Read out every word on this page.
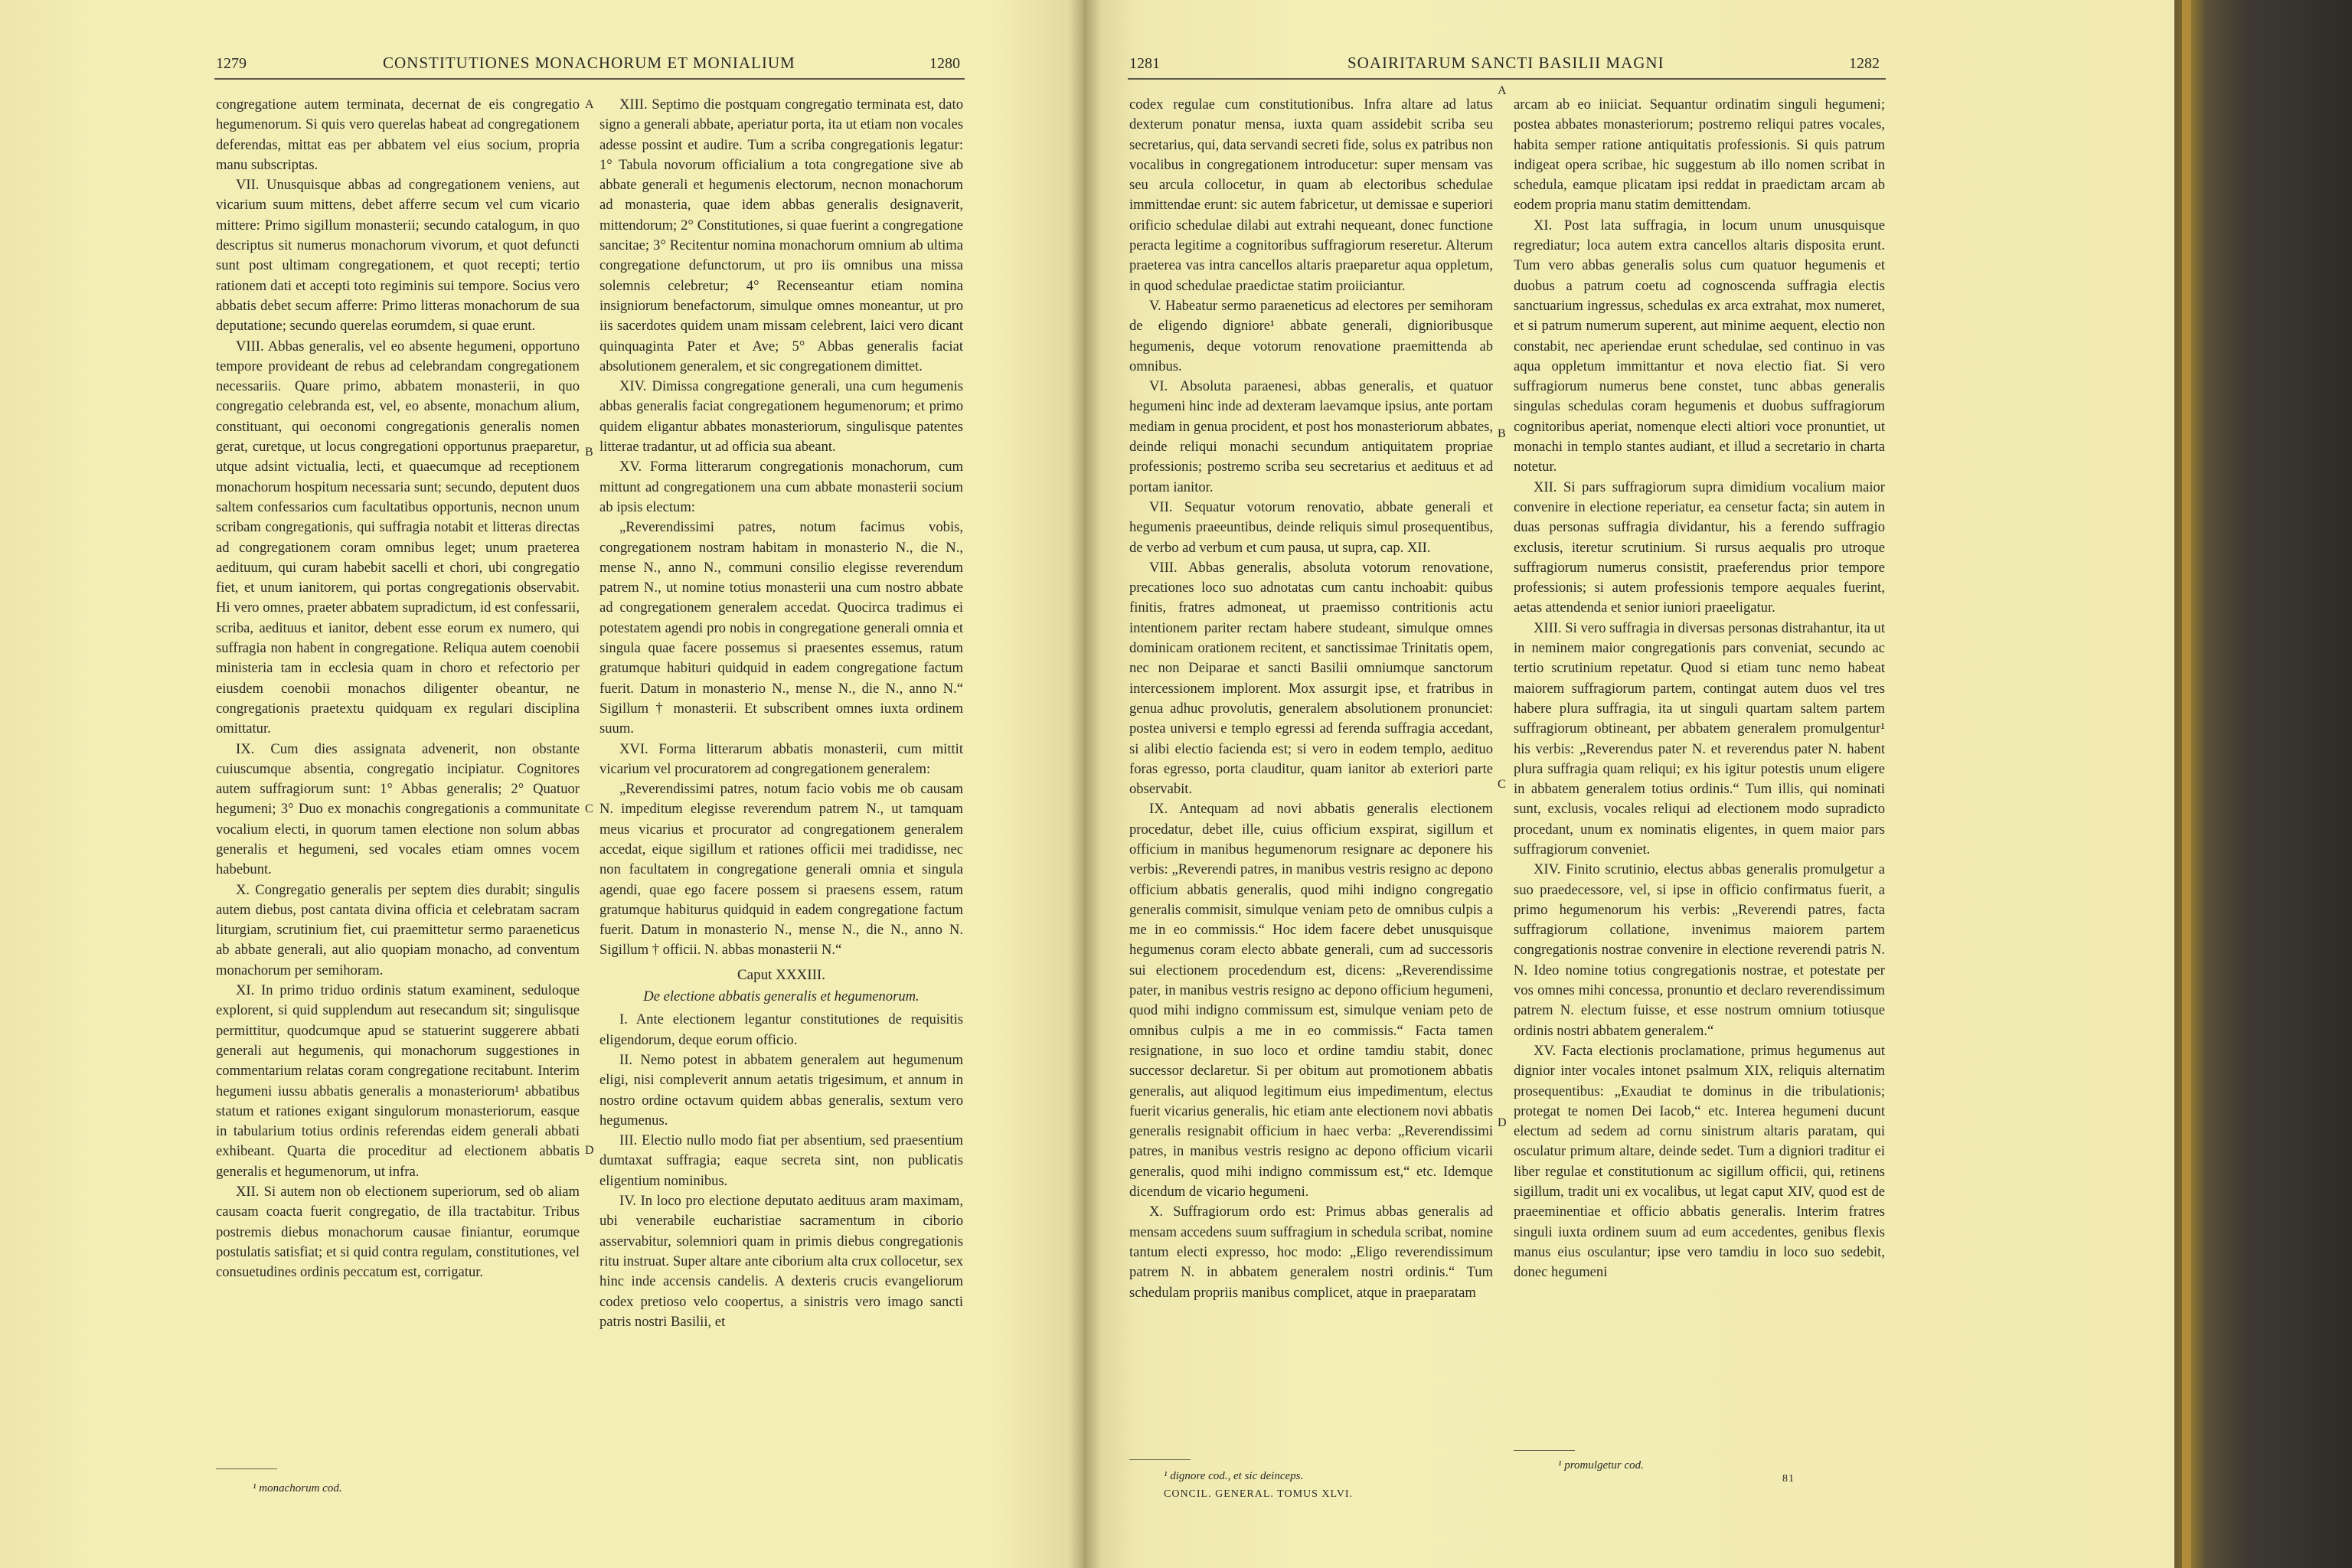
1279	CONSTITUTIONES MONACHORUM ET MONIALIUM	1280

congregatione autem terminata, decernat de eis congregatio hegumenorum. Si quis vero querelas habeat ad congregationem deferendas, mittat eas per abbatem vel eius socium, propria manu subscriptas.

VII. Unusquisque abbas ad congregationem veniens, aut vicarium suum mittens, debet afferre secum vel cum vicario mittere: Primo sigillum monasterii; secundo catalogum, in quo descriptus sit numerus monachorum vivorum, et quot defuncti sunt post ultimam congregationem, et quot recepti; tertio rationem dati et accepti toto regiminis sui tempore. Socius vero abbatis debet secum afferre: Primo litteras monachorum de sua deputatione; secundo querelas eorumdem, si quae erunt.

VIII. Abbas generalis, vel eo absente hegumeni, opportuno tempore provideant de rebus ad celebrandam congregationem necessariis. Quare primo, abbatem monasterii, in quo congregatio celebranda est, vel, eo absente, monachum alium, constituant, qui oeconomi congregationis generalis nomen gerat, curetque, ut locus congregationi opportunus praeparetur, utque adsint victualia, lecti, et quaecumque ad receptionem monachorum hospitum necessaria sunt; secundo, deputent duos saltem confessarios cum facultatibus opportunis, necnon unum scribam congregationis, qui suffragia notabit et litteras directas ad congregationem coram omnibus leget; unum praeterea aedituum, qui curam habebit sacelli et chori, ubi congregatio fiet, et unum ianitorem, qui portas congregationis observabit. Hi vero omnes, praeter abbatem supradictum, id est confessarii, scriba, aedituus et ianitor, debent esse eorum ex numero, qui suffragia non habent in congregatione. Reliqua autem coenobii ministeria tam in ecclesia quam in choro et refectorio per eiusdem coenobii monachos diligenter obeantur, ne congregationis praetextu quidquam ex regulari disciplina omittatur.

IX. Cum dies assignata advenerit, non obstante cuiuscumque absentia, congregatio incipiatur. Cognitores autem suffragiorum sunt: 1° Abbas generalis; 2° Quatuor hegumeni; 3° Duo ex monachis congregationis a communitate vocalium electi, in quorum tamen electione non solum abbas generalis et hegumeni, sed vocales etiam omnes vocem habebunt.

X. Congregatio generalis per septem dies durabit; singulis autem diebus, post cantata divina officia et celebratam sacram liturgiam, scrutinium fiet, cui praemittetur sermo paraeneticus ab abbate generali, aut alio quopiam monacho, ad conventum monachorum per semihoram.

XI. In primo triduo ordinis statum examinent, seduloque explorent, si quid supplendum aut resecandum sit; singulisque permittitur, quodcumque apud se statuerint suggerere abbati generali aut hegumenis, qui monachorum suggestiones in commentarium relatas coram congregatione recitabunt. Interim hegumeni iussu abbatis generalis a monasteriorum¹ abbatibus statum et rationes exigant singulorum monasteriorum, easque in tabularium totius ordinis referendas eidem generali abbati exhibeant. Quarta die proceditur ad electionem abbatis generalis et hegumenorum, ut infra.

XII. Si autem non ob electionem superiorum, sed ob aliam causam coacta fuerit congregatio, de illa tractabitur. Tribus postremis diebus monachorum causae finiantur, eorumque postulatis satisfiat; et si quid contra regulam, constitutiones, vel consuetudines ordinis peccatum est, corrigatur.

A
B
C
D

XIII. Septimo die postquam congregatio terminata est, dato signo a generali abbate, aperiatur porta, ita ut etiam non vocales adesse possint et audire. Tum a scriba congregationis legatur: 1° Tabula novorum officialium a tota congregatione sive ab abbate generali et hegumenis electorum, necnon monachorum ad monasteria, quae idem abbas generalis designaverit, mittendorum; 2° Constitutiones, si quae fuerint a congregatione sancitae; 3° Recitentur nomina monachorum omnium ab ultima congregatione defunctorum, ut pro iis omnibus una missa solemnis celebretur; 4° Recenseantur etiam nomina insigniorum benefactorum, simulque omnes moneantur, ut pro iis sacerdotes quidem unam missam celebrent, laici vero dicant quinquaginta Pater et Ave; 5° Abbas generalis faciat absolutionem generalem, et sic congregationem dimittet.

XIV. Dimissa congregatione generali, una cum hegumenis abbas generalis faciat congregationem hegumenorum; et primo quidem eligantur abbates monasteriorum, singulisque patentes litterae tradantur, ut ad officia sua abeant.

XV. Forma litterarum congregationis monachorum, cum mittunt ad congregationem una cum abbate monasterii socium ab ipsis electum:

„Reverendissimi patres, notum facimus vobis, congregationem nostram habitam in monasterio N., die N., mense N., anno N., communi consilio elegisse reverendum patrem N., ut nomine totius monasterii una cum nostro abbate ad congregationem generalem accedat. Quocirca tradimus ei potestatem agendi pro nobis in congregatione generali omnia et singula quae facere possemus si praesentes essemus, ratum gratumque habituri quidquid in eadem congregatione factum fuerit. Datum in monasterio N., mense N., die N., anno N.“ Sigillum † monasterii. Et subscribent omnes iuxta ordinem suum.

XVI. Forma litterarum abbatis monasterii, cum mittit vicarium vel procuratorem ad congregationem generalem:

„Reverendissimi patres, notum facio vobis me ob causam N. impeditum elegisse reverendum patrem N., ut tamquam meus vicarius et procurator ad congregationem generalem accedat, eique sigillum et rationes officii mei tradidisse, nec non facultatem in congregatione generali omnia et singula agendi, quae ego facere possem si praesens essem, ratum gratumque habiturus quidquid in eadem congregatione factum fuerit. Datum in monasterio N., mense N., die N., anno N. Sigillum † officii. N. abbas monasterii N.“

Caput XXXIII.

De electione abbatis generalis et hegumenorum.

I. Ante electionem legantur constitutiones de requisitis eligendorum, deque eorum officio.

II. Nemo potest in abbatem generalem aut hegumenum eligi, nisi compleverit annum aetatis trigesimum, et annum in nostro ordine octavum quidem abbas generalis, sextum vero hegumenus.

III. Electio nullo modo fiat per absentium, sed praesentium dumtaxat suffragia; eaque secreta sint, non publicatis eligentium nominibus.

IV. In loco pro electione deputato aedituus aram maximam, ubi venerabile eucharistiae sacramentum in ciborio asservabitur, solemniori quam in primis diebus congregationis ritu instruat. Super altare ante ciborium alta crux collocetur, sex hinc inde accensis candelis. A dexteris crucis evangeliorum codex pretioso velo coopertus, a sinistris vero imago sancti patris nostri Basilii, et

¹ monachorum cod.
1281	SOAIRITARUM SANCTI BASILII MAGNI	1282

codex regulae cum constitutionibus. Infra altare ad latus dexterum ponatur mensa, iuxta quam assidebit scriba seu secretarius, qui, data servandi secreti fide, solus ex patribus non vocalibus in congregationem introducetur: super mensam vas seu arcula collocetur, in quam ab electoribus schedulae immittendae erunt: sic autem fabricetur, ut demissae e superiori orificio schedulae dilabi aut extrahi nequeant, donec functione peracta legitime a cognitoribus suffragiorum reseretur. Alterum praeterea vas intra cancellos altaris praeparetur aqua oppletum, in quod schedulae praedictae statim proiiciantur.

V. Habeatur sermo paraeneticus ad electores per semihoram de eligendo digniore¹ abbate generali, dignioribusque hegumenis, deque votorum renovatione praemittenda ab omnibus.

VI. Absoluta paraenesi, abbas generalis, et quatuor hegumeni hinc inde ad dexteram laevamque ipsius, ante portam mediam in genua procident, et post hos monasteriorum abbates, deinde reliqui monachi secundum antiquitatem propriae professionis; postremo scriba seu secretarius et aedituus et ad portam ianitor.

VII. Sequatur votorum renovatio, abbate generali et hegumenis praeeuntibus, deinde reliquis simul prosequentibus, de verbo ad verbum et cum pausa, ut supra, cap. XII.

VIII. Abbas generalis, absoluta votorum renovatione, precationes loco suo adnotatas cum cantu inchoabit: quibus finitis, fratres admoneat, ut praemisso contritionis actu intentionem pariter rectam habere studeant, simulque omnes dominicam orationem recitent, et sanctissimae Trinitatis opem, nec non Deiparae et sancti Basilii omniumque sanctorum intercessionem implorent. Mox assurgit ipse, et fratribus in genua adhuc provolutis, generalem absolutionem pronunciet: postea universi e templo egressi ad ferenda suffragia accedant, si alibi electio facienda est; si vero in eodem templo, aedituo foras egresso, porta clauditur, quam ianitor ab exteriori parte observabit.

IX. Antequam ad novi abbatis generalis electionem procedatur, debet ille, cuius officium exspirat, sigillum et officium in manibus hegumenorum resignare ac deponere his verbis: „Reverendi patres, in manibus vestris resigno ac depono officium abbatis generalis, quod mihi indigno congregatio generalis commisit, simulque veniam peto de omnibus culpis a me in eo commissis.“ Hoc idem facere debet unusquisque hegumenus coram electo abbate generali, cum ad successoris sui electionem procedendum est, dicens: „Reverendissime pater, in manibus vestris resigno ac depono officium hegumeni, quod mihi indigno commissum est, simulque veniam peto de omnibus culpis a me in eo commissis.“ Facta tamen resignatione, in suo loco et ordine tamdiu stabit, donec successor declaretur. Si per obitum aut promotionem abbatis generalis, aut aliquod legitimum eius impedimentum, electus fuerit vicarius generalis, hic etiam ante electionem novi abbatis generalis resignabit officium in haec verba: „Reverendissimi patres, in manibus vestris resigno ac depono officium vicarii generalis, quod mihi indigno commissum est,“ etc. Idemque dicendum de vicario hegumeni.

X. Suffragiorum ordo est: Primus abbas generalis ad mensam accedens suum suffragium in schedula scribat, nomine tantum electi expresso, hoc modo: „Eligo reverendissimum patrem N. in abbatem generalem nostri ordinis.“ Tum schedulam propriis manibus complicet, atque in praeparatam

A
B
C
D

arcam ab eo iniiciat. Sequantur ordinatim singuli hegumeni; postea abbates monasteriorum; postremo reliqui patres vocales, habita semper ratione antiquitatis professionis. Si quis patrum indigeat opera scribae, hic suggestum ab illo nomen scribat in schedula, eamque plicatam ipsi reddat in praedictam arcam ab eodem propria manu statim demittendam.

XI. Post lata suffragia, in locum unum unusquisque regrediatur; loca autem extra cancellos altaris disposita erunt. Tum vero abbas generalis solus cum quatuor hegumenis et duobus a patrum coetu ad cognoscenda suffragia electis sanctuarium ingressus, schedulas ex arca extrahat, mox numeret, et si patrum numerum superent, aut minime aequent, electio non constabit, nec aperiendae erunt schedulae, sed continuo in vas aqua oppletum immittantur et nova electio fiat. Si vero suffragiorum numerus bene constet, tunc abbas generalis singulas schedulas coram hegumenis et duobus suffragiorum cognitoribus aperiat, nomenque electi altiori voce pronuntiet, ut monachi in templo stantes audiant, et illud a secretario in charta notetur.

XII. Si pars suffragiorum supra dimidium vocalium maior convenire in electione reperiatur, ea censetur facta; sin autem in duas personas suffragia dividantur, his a ferendo suffragio exclusis, iteretur scrutinium. Si rursus aequalis pro utroque suffragiorum numerus consistit, praeferendus prior tempore professionis; si autem professionis tempore aequales fuerint, aetas attendenda et senior iuniori praeeligatur.

XIII. Si vero suffragia in diversas personas distrahantur, ita ut in neminem maior congregationis pars conveniat, secundo ac tertio scrutinium repetatur. Quod si etiam tunc nemo habeat maiorem suffragiorum partem, contingat autem duos vel tres habere plura suffragia, ita ut singuli quartam saltem partem suffragiorum obtineant, per abbatem generalem promulgentur¹ his verbis: „Reverendus pater N. et reverendus pater N. habent plura suffragia quam reliqui; ex his igitur potestis unum eligere in abbatem generalem totius ordinis.“ Tum illis, qui nominati sunt, exclusis, vocales reliqui ad electionem modo supradicto procedant, unum ex nominatis eligentes, in quem maior pars suffragiorum conveniet.

XIV. Finito scrutinio, electus abbas generalis promulgetur a suo praedecessore, vel, si ipse in officio confirmatus fuerit, a primo hegumenorum his verbis: „Reverendi patres, facta suffragiorum collatione, invenimus maiorem partem congregationis nostrae convenire in electione reverendi patris N. N. Ideo nomine totius congregationis nostrae, et potestate per vos omnes mihi concessa, pronuntio et declaro reverendissimum patrem N. electum fuisse, et esse nostrum omnium totiusque ordinis nostri abbatem generalem.“

XV. Facta electionis proclamatione, primus hegumenus aut dignior inter vocales intonet psalmum XIX, reliquis alternatim prosequentibus: „Exaudiat te dominus in die tribulationis; protegat te nomen Dei Iacob,“ etc. Interea hegumeni ducunt electum ad sedem ad cornu sinistrum altaris paratam, qui osculatur primum altare, deinde sedet. Tum a digniori traditur ei liber regulae et constitutionum ac sigillum officii, qui, retinens sigillum, tradit uni ex vocalibus, ut legat caput XIV, quod est de praeeminentiae et officio abbatis generalis. Interim fratres singuli iuxta ordinem suum ad eum accedentes, genibus flexis manus eius osculantur; ipse vero tamdiu in loco suo sedebit, donec hegumeni

¹ dignore cod., et sic deinceps.
CONCIL. GENERAL. TOMUS XLVI.
¹ promulgetur cod.
81
